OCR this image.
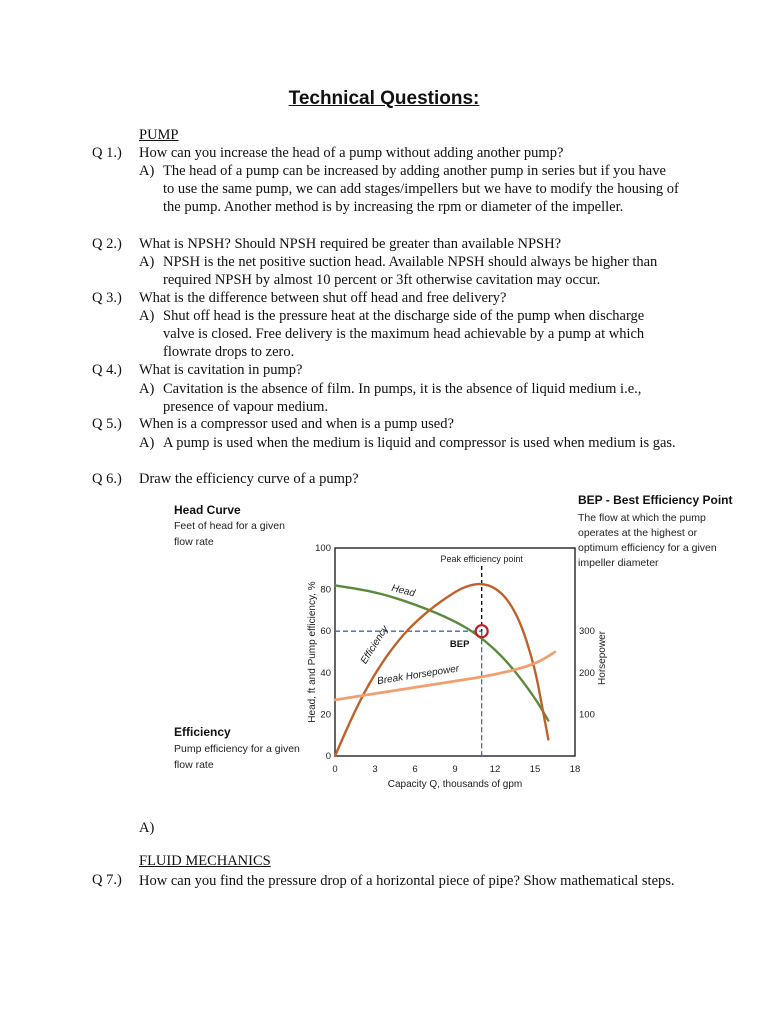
Technical Questions:
PUMP
Q 1.) How can you increase the head of a pump without adding another pump?
A) The head of a pump can be increased by adding another pump in series but if you have to use the same pump, we can add stages/impellers but we have to modify the housing of the pump. Another method is by increasing the rpm or diameter of the impeller.
Q 2.) What is NPSH? Should NPSH required be greater than available NPSH?
A) NPSH is the net positive suction head. Available NPSH should always be higher than required NPSH by almost 10 percent or 3ft otherwise cavitation may occur.
Q 3.) What is the difference between shut off head and free delivery?
A) Shut off head is the pressure heat at the discharge side of the pump when discharge valve is closed. Free delivery is the maximum head achievable by a pump at which flowrate drops to zero.
Q 4.) What is cavitation in pump?
A) Cavitation is the absence of film. In pumps, it is the absence of liquid medium i.e., presence of vapour medium.
Q 5.) When is a compressor used and when is a pump used?
A) A pump is used when the medium is liquid and compressor is used when medium is gas.
Q 6.) Draw the efficiency curve of a pump?
Head Curve
Feet of head for a given
flow rate
Efficiency
Pump efficiency for a given
flow rate
BEP - Best Efficiency Point
The flow at which the pump
operates at the highest or
optimum efficiency for a given
impeller diameter
Head, ft and Pump efficiency, %
Capacity Q, thousands of gpm
Horsepower
0	3	6	9	12	15	18
0
20
40
60
80
100
100
200
300
Peak efficiency point
BEP
Head
Efficiency
Break Horsepower
A)
FLUID MECHANICS
Q 7.) How can you find the pressure drop of a horizontal piece of pipe? Show mathematical steps.
